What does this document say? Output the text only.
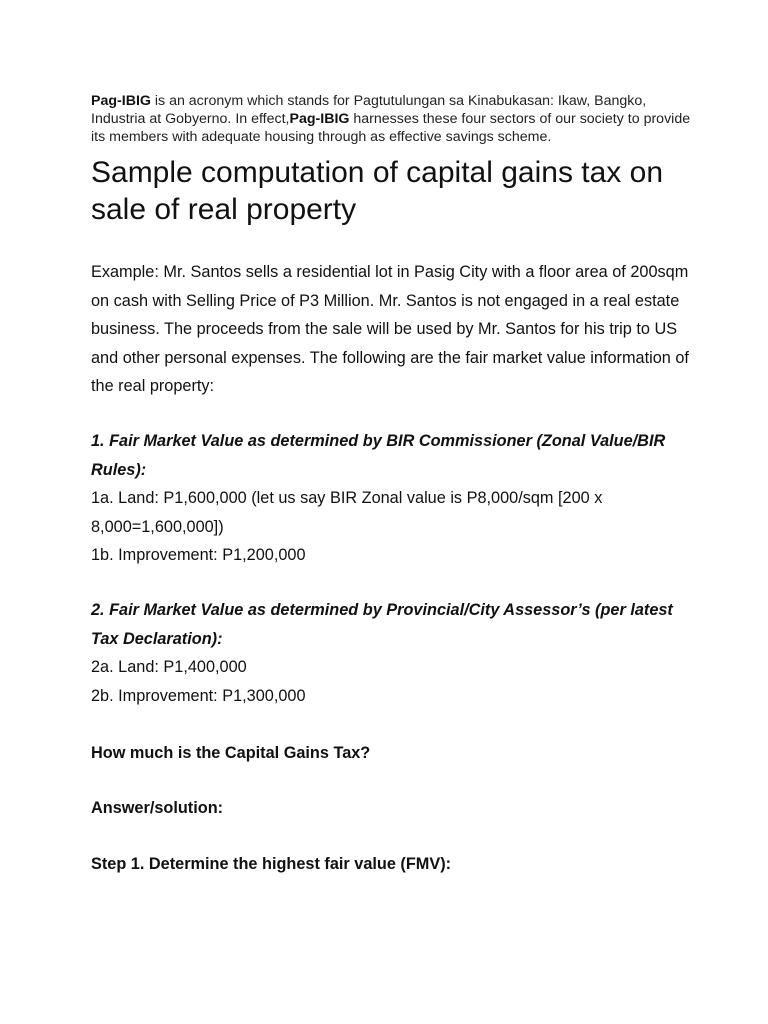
Pag-IBIG is an acronym which stands for Pagtutulungan sa Kinabukasan: Ikaw, Bangko, Industria at Gobyerno. In effect,Pag-IBIG harnesses these four sectors of our society to provide its members with adequate housing through as effective savings scheme.
Sample computation of capital gains tax on sale of real property

Example: Mr. Santos sells a residential lot in Pasig City with a floor area of 200sqm on cash with Selling Price of P3 Million. Mr. Santos is not engaged in a real estate business. The proceeds from the sale will be used by Mr. Santos for his trip to US and other personal expenses. The following are the fair market value information of the real property:

1. Fair Market Value as determined by BIR Commissioner (Zonal Value/BIR Rules):
1a. Land: P1,600,000 (let us say BIR Zonal value is P8,000/sqm [200 x 8,000=1,600,000])
1b. Improvement: P1,200,000
2. Fair Market Value as determined by Provincial/City Assessor’s (per latest Tax Declaration):
2a. Land: P1,400,000
2b. Improvement: P1,300,000

How much is the Capital Gains Tax?

Answer/solution:

Step 1. Determine the highest fair value (FMV):
